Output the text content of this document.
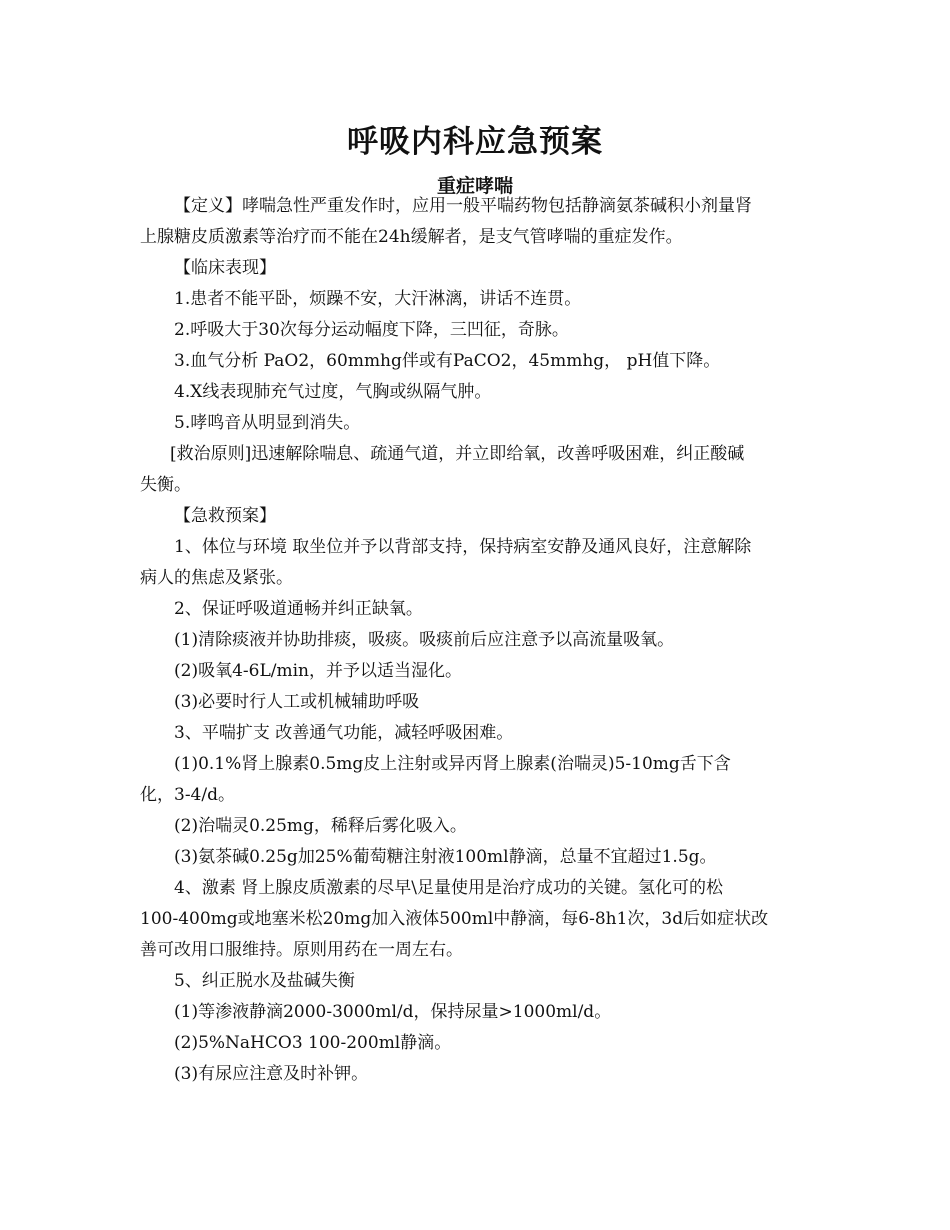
呼吸内科应急预案
重症哮喘

【定义】哮喘急性严重发作时，应用一般平喘药物包括静滴氨茶碱积小剂量肾

上腺糖皮质激素等治疗而不能在24h缓解者，是支气管哮喘的重症发作。

【临床表现】

1.患者不能平卧，烦躁不安，大汗淋漓，讲话不连贯。

2.呼吸大于30次每分运动幅度下降，三凹征，奇脉。

3.血气分析 PaO2，60mmhg伴或有PaCO2，45mmhg， pH值下降。

4.X线表现肺充气过度，气胸或纵隔气肿。

5.哮鸣音从明显到消失。

[救治原则]迅速解除喘息、疏通气道，并立即给氧，改善呼吸困难，纠正酸碱

失衡。

【急救预案】

1、体位与环境 取坐位并予以背部支持，保持病室安静及通风良好，注意解除

病人的焦虑及紧张。

2、保证呼吸道通畅并纠正缺氧。

(1)清除痰液并协助排痰，吸痰。吸痰前后应注意予以高流量吸氧。

(2)吸氧4-6L/min，并予以适当湿化。

(3)必要时行人工或机械辅助呼吸

3、平喘扩支 改善通气功能，减轻呼吸困难。

(1)0.1%肾上腺素0.5mg皮上注射或异丙肾上腺素(治喘灵)5-10mg舌下含

化，3-4/d。

(2)治喘灵0.25mg，稀释后雾化吸入。

(3)氨茶碱0.25g加25%葡萄糖注射液100ml静滴，总量不宜超过1.5g。

4、激素 肾上腺皮质激素的尽早\足量使用是治疗成功的关键。氢化可的松

100-400mg或地塞米松20mg加入液体500ml中静滴，每6-8h1次，3d后如症状改

善可改用口服维持。原则用药在一周左右。

5、纠正脱水及盐碱失衡

(1)等渗液静滴2000-3000ml/d，保持尿量>1000ml/d。

(2)5%NaHCO3 100-200ml静滴。

(3)有尿应注意及时补钾。
